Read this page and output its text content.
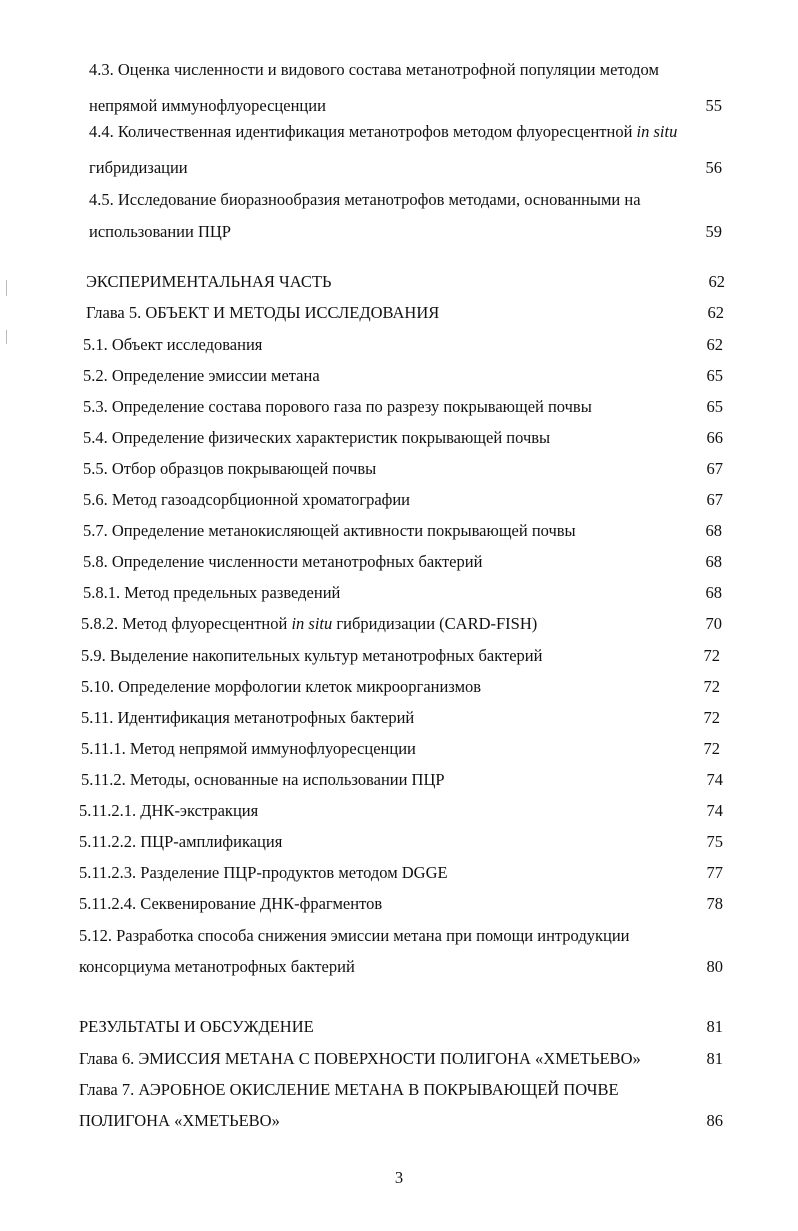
3
4.3. Оценка численности и видового состава метанотрофной популяции методом
непрямой иммунофлуоресценции	55
4.4. Количественная идентификация метанотрофов методом флуоресцентной in situ
гибридизации	56
4.5. Исследование биоразнообразия метанотрофов методами, основанными на
использовании ПЦР	59
ЭКСПЕРИМЕНТАЛЬНАЯ ЧАСТЬ	62
Глава 5. ОБЪЕКТ И МЕТОДЫ ИССЛЕДОВАНИЯ	62
5.1. Объект исследования	62
5.2. Определение эмиссии метана	65
5.3. Определение состава порового газа по разрезу покрывающей почвы	65
5.4. Определение физических характеристик покрывающей почвы	66
5.5. Отбор образцов покрывающей почвы	67
5.6. Метод газоадсорбционной хроматографии	67
5.7. Определение метанокисляющей активности покрывающей почвы	68
5.8. Определение численности метанотрофных бактерий	68
5.8.1. Метод предельных разведений	68
5.8.2. Метод флуоресцентной in situ гибридизации (CARD-FISH)	70
5.9. Выделение накопительных культур метанотрофных бактерий	72
5.10. Определение морфологии клеток микроорганизмов	72
5.11. Идентификация метанотрофных бактерий	72
5.11.1. Метод непрямой иммунофлуоресценции	72
5.11.2. Методы, основанные на использовании ПЦР	74
5.11.2.1. ДНК-экстракция	74
5.11.2.2. ПЦР-амплификация	75
5.11.2.3. Разделение ПЦР-продуктов методом DGGE	77
5.11.2.4. Секвенирование ДНК-фрагментов	78
5.12. Разработка способа снижения эмиссии метана при помощи интродукции
консорциума метанотрофных бактерий	80
РЕЗУЛЬТАТЫ И ОБСУЖДЕНИЕ	81
Глава 6. ЭМИССИЯ МЕТАНА С ПОВЕРХНОСТИ ПОЛИГОНА «ХМЕТЬЕВО»	81
Глава 7. АЭРОБНОЕ ОКИСЛЕНИЕ МЕТАНА В ПОКРЫВАЮЩЕЙ ПОЧВЕ
ПОЛИГОНА «ХМЕТЬЕВО»	86
